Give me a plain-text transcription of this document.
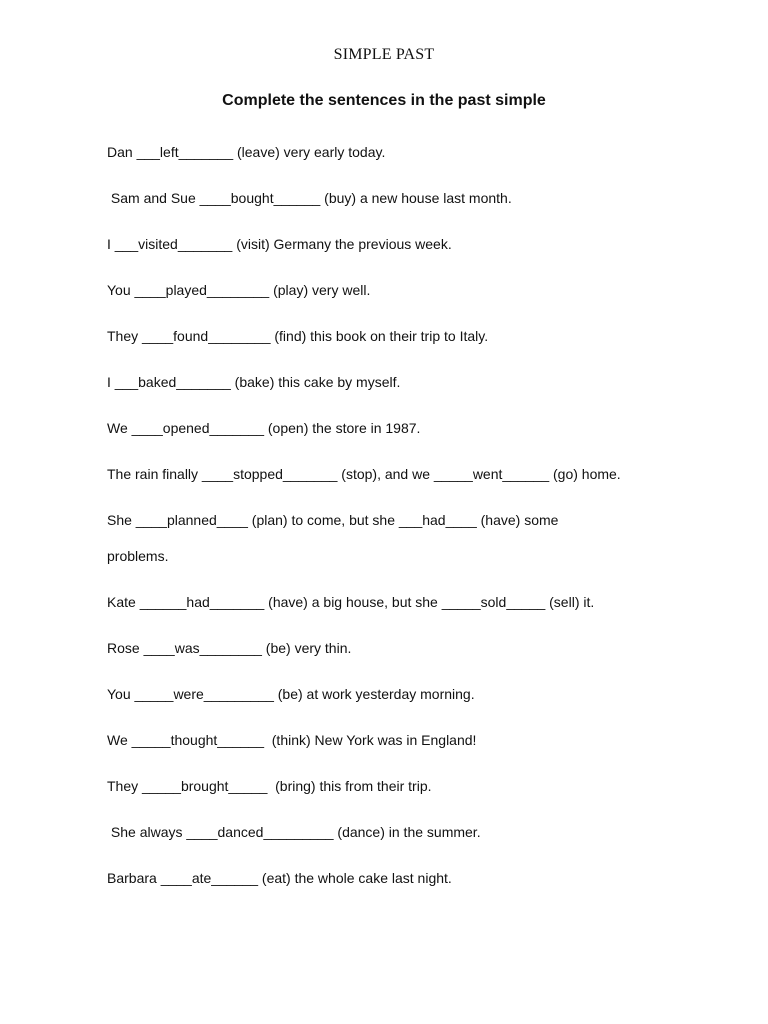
SIMPLE PAST
Complete the sentences in the past simple
Dan ___left_______ (leave) very early today.
Sam and Sue ____bought______ (buy) a new house last month.
I ___visited_______ (visit) Germany the previous week.
You ____played________ (play) very well.
They ____found________ (find) this book on their trip to Italy.
I ___baked_______ (bake) this cake by myself.
We ____opened_______ (open) the store in 1987.
The rain finally ____stopped_______ (stop), and we _____went______ (go) home.
She ____planned____ (plan) to come, but she ___had____ (have) some
problems.
Kate ______had_______ (have) a big house, but she _____sold_____ (sell) it.
Rose ____was________ (be) very thin.
You _____were_________ (be) at work yesterday morning.
We _____thought______  (think) New York was in England!
They _____brought_____  (bring) this from their trip.
She always ____danced_________ (dance) in the summer.
Barbara ____ate______ (eat) the whole cake last night.
